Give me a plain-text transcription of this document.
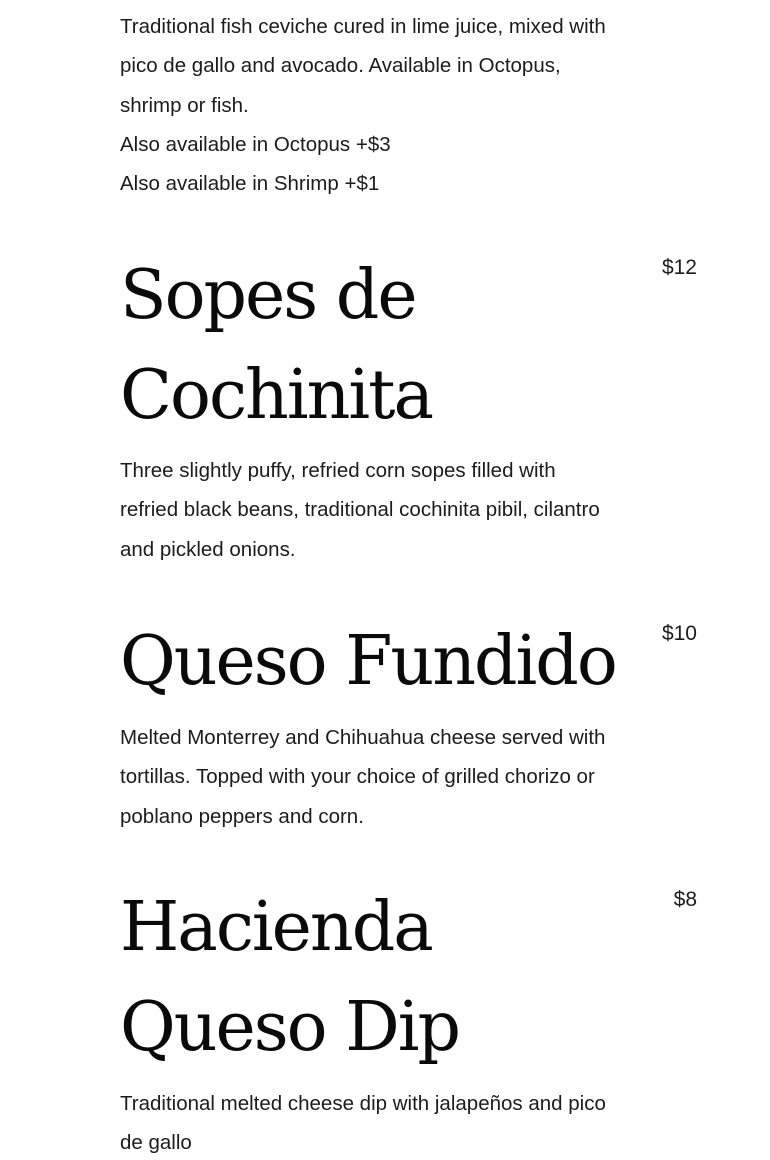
Traditional fish ceviche cured in lime juice, mixed with pico de gallo and avocado. Available in Octopus, shrimp or fish.

Also available in Octopus +$3

Also available in Shrimp +$1

Sopes de Cochinita
$12

Three slightly puffy, refried corn sopes filled with refried black beans, traditional cochinita pibil, cilantro and pickled onions.

Queso Fundido	$10

Melted Monterrey and Chihuahua cheese served with tortillas. Topped with your choice of grilled chorizo or poblano peppers and corn.

Hacienda Queso Dip
$8

Traditional melted cheese dip with jalapeños and pico de gallo
